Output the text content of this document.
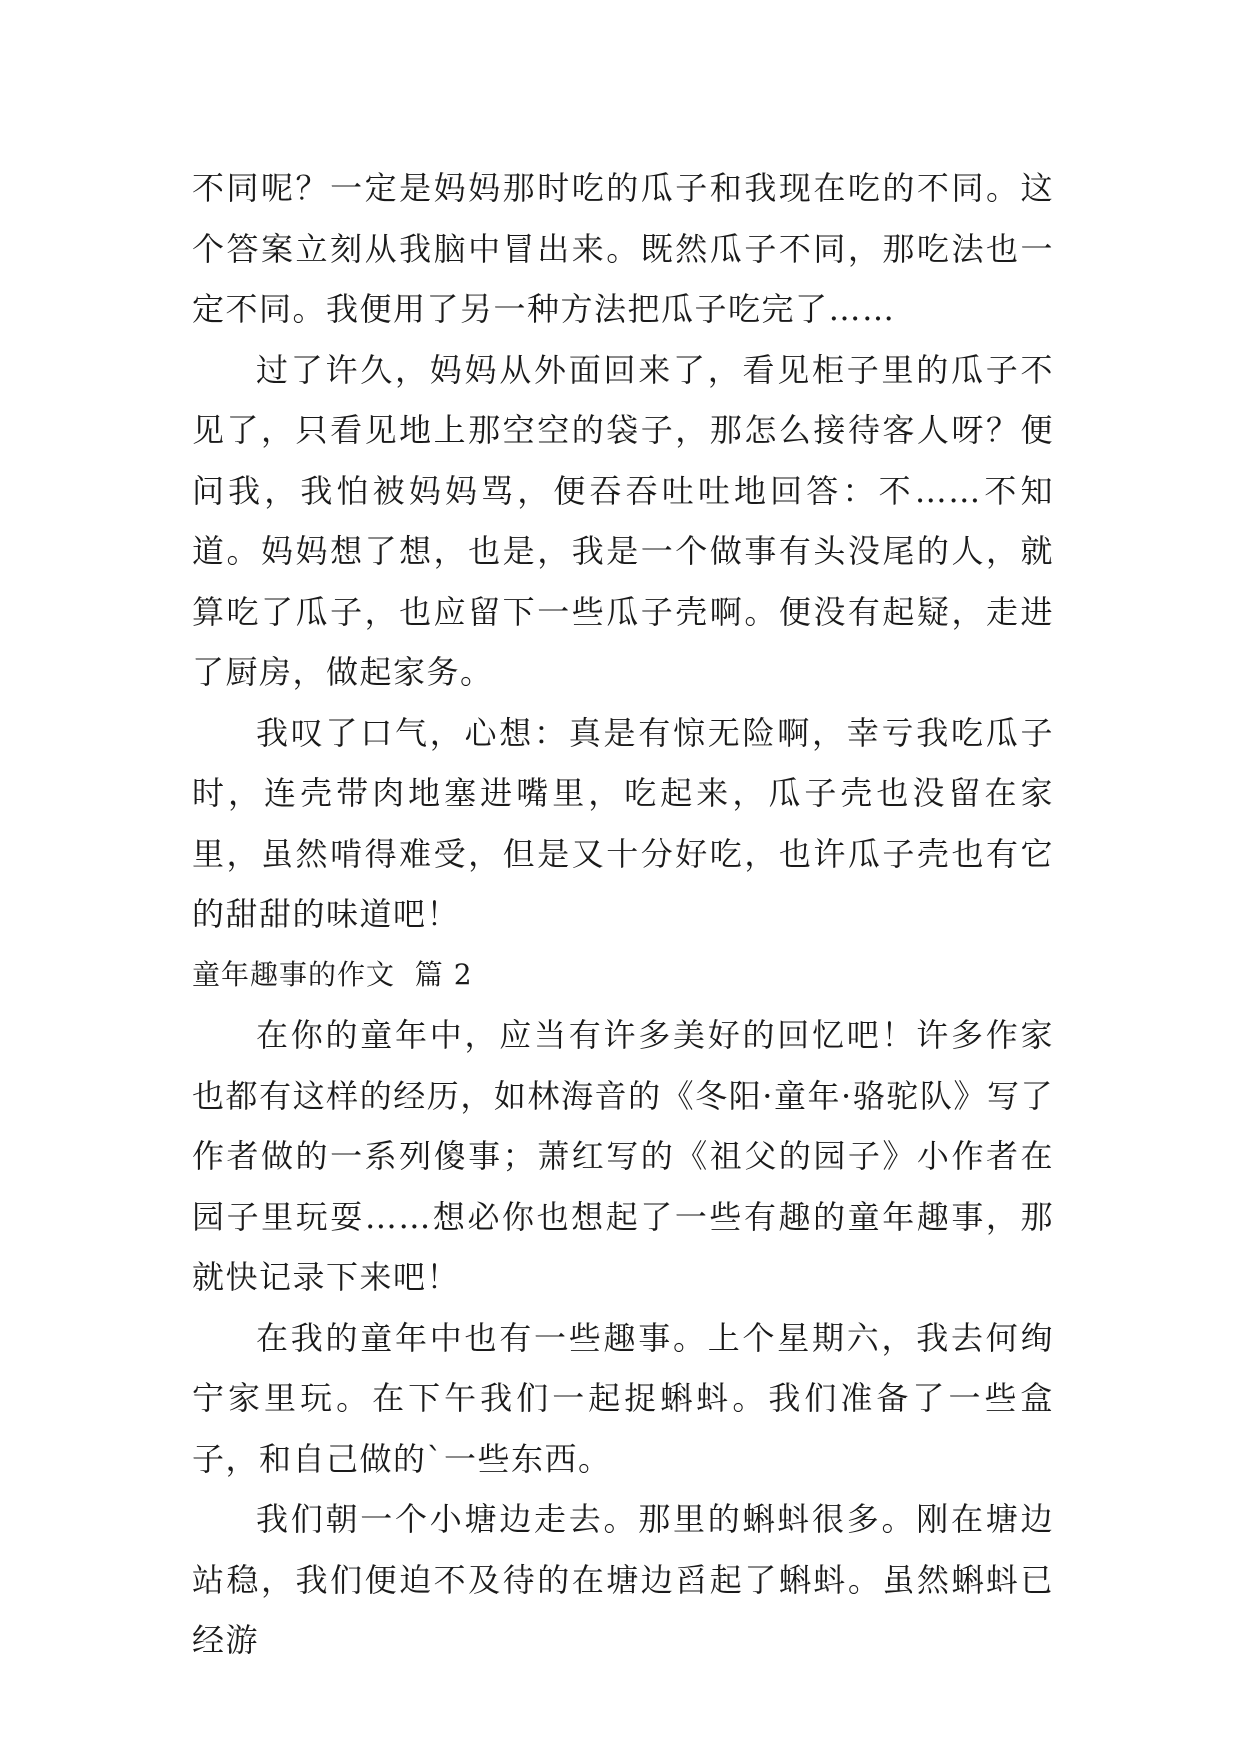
不同呢？一定是妈妈那时吃的瓜子和我现在吃的不同。这个答案立刻从我脑中冒出来。既然瓜子不同，那吃法也一定不同。我便用了另一种方法把瓜子吃完了……

过了许久，妈妈从外面回来了，看见柜子里的瓜子不见了，只看见地上那空空的袋子，那怎么接待客人呀？便问我，我怕被妈妈骂，便吞吞吐吐地回答：不……不知道。妈妈想了想，也是，我是一个做事有头没尾的人，就算吃了瓜子，也应留下一些瓜子壳啊。便没有起疑，走进了厨房，做起家务。

我叹了口气，心想：真是有惊无险啊，幸亏我吃瓜子时，连壳带肉地塞进嘴里，吃起来，瓜子壳也没留在家里，虽然啃得难受，但是又十分好吃，也许瓜子壳也有它的甜甜的味道吧！

童年趣事的作文  篇 2

在你的童年中，应当有许多美好的回忆吧！许多作家也都有这样的经历，如林海音的《冬阳·童年·骆驼队》写了作者做的一系列傻事；萧红写的《祖父的园子》小作者在园子里玩耍……想必你也想起了一些有趣的童年趣事，那就快记录下来吧！

在我的童年中也有一些趣事。上个星期六，我去何绚宁家里玩。在下午我们一起捉蝌蚪。我们准备了一些盒子，和自己做的`一些东西。

我们朝一个小塘边走去。那里的蝌蚪很多。刚在塘边站稳，我们便迫不及待的在塘边舀起了蝌蚪。虽然蝌蚪已经游
